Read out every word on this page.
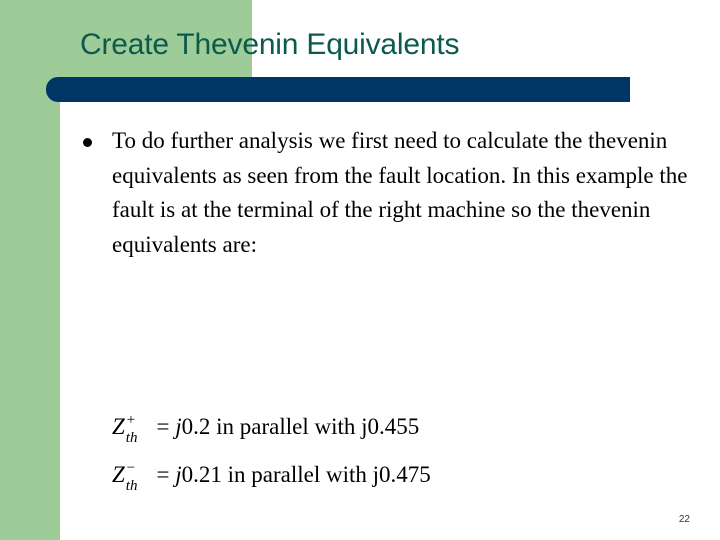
Create Thevenin Equivalents
To do further analysis we first need to calculate the thevenin equivalents as seen from the fault location. In this example the fault is at the terminal of the right machine so the thevenin equivalents are:
Z +
th = j0.2 in parallel with j0.455
Z −
th = j0.21 in parallel with j0.475
22
